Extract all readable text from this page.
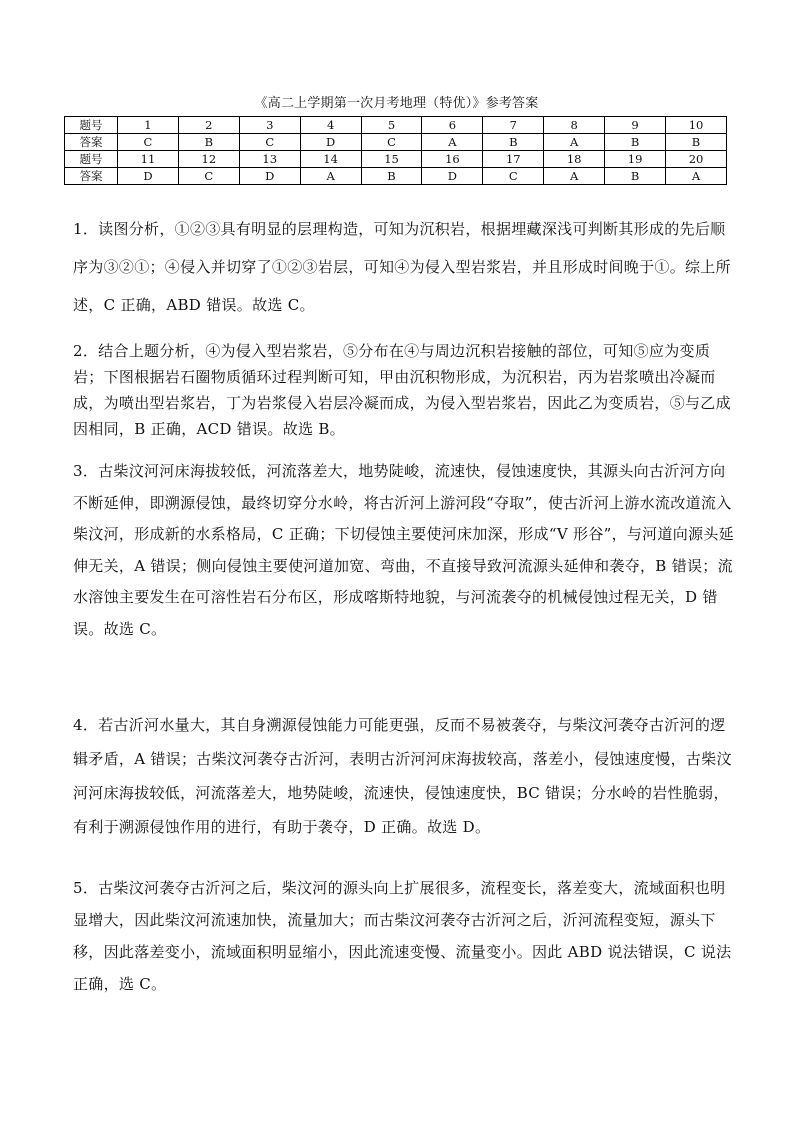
《高二上学期第一次月考地理（特优）》参考答案
题号	1	2	3	4	5	6	7	8	9	10
答案	C	B	C	D	C	A	B	A	B	B
题号	11	12	13	14	15	16	17	18	19	20
答案	D	C	D	A	B	D	C	A	B	A

1．读图分析，①②③具有明显的层理构造，可知为沉积岩，根据埋藏深浅可判断其形成的先后顺序为③②①；④侵入并切穿了①②③岩层，可知④为侵入型岩浆岩，并且形成时间晚于①。综上所述，C 正确，ABD 错误。故选 C。

2．结合上题分析，④为侵入型岩浆岩，⑤分布在④与周边沉积岩接触的部位，可知⑤应为变质岩；下图根据岩石圈物质循环过程判断可知，甲由沉积物形成，为沉积岩，丙为岩浆喷出冷凝而成，为喷出型岩浆岩，丁为岩浆侵入岩层冷凝而成，为侵入型岩浆岩，因此乙为变质岩，⑤与乙成因相同，B 正确，ACD 错误。故选 B。

3．古柴汶河河床海拔较低，河流落差大，地势陡峻，流速快，侵蚀速度快，其源头向古沂河方向不断延伸，即溯源侵蚀，最终切穿分水岭，将古沂河上游河段“夺取”，使古沂河上游水流改道流入柴汶河，形成新的水系格局，C 正确；下切侵蚀主要使河床加深，形成“V 形谷”，与河道向源头延伸无关，A 错误；侧向侵蚀主要使河道加宽、弯曲，不直接导致河流源头延伸和袭夺，B 错误；流水溶蚀主要发生在可溶性岩石分布区，形成喀斯特地貌，与河流袭夺的机械侵蚀过程无关，D 错误。故选 C。

4．若古沂河水量大，其自身溯源侵蚀能力可能更强，反而不易被袭夺，与柴汶河袭夺古沂河的逻辑矛盾，A 错误；古柴汶河袭夺古沂河，表明古沂河河床海拔较高，落差小，侵蚀速度慢，古柴汶河河床海拔较低，河流落差大，地势陡峻，流速快，侵蚀速度快，BC 错误；分水岭的岩性脆弱，有利于溯源侵蚀作用的进行，有助于袭夺，D 正确。故选 D。

5．古柴汶河袭夺古沂河之后，柴汶河的源头向上扩展很多，流程变长，落差变大，流域面积也明显增大，因此柴汶河流速加快，流量加大；而古柴汶河袭夺古沂河之后，沂河流程变短，源头下移，因此落差变小，流域面积明显缩小，因此流速变慢、流量变小。因此 ABD 说法错误，C 说法正确，选 C。
